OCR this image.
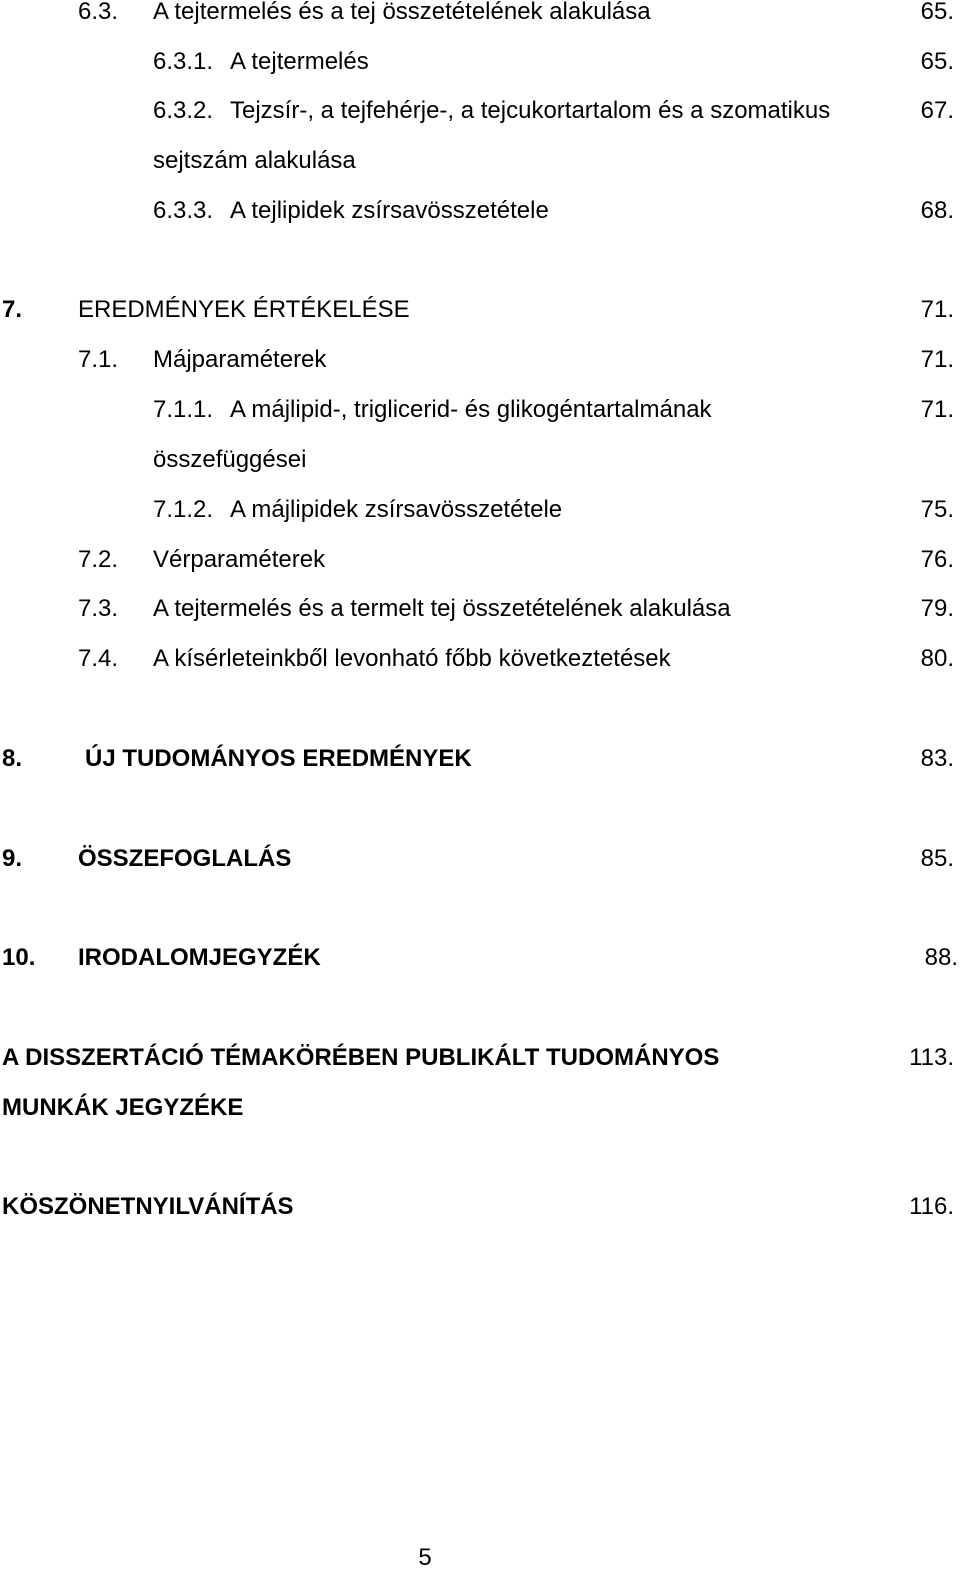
6.3. A tejtermelés és a tej összetételének alakulása	65.
6.3.1. A tejtermelés	65.
6.3.2. Tejzsír-, a tejfehérje-, a tejcukortartalom és a szomatikus	67.
sejtszám alakulása
6.3.3. A tejlipidek zsírsavösszetétele	68.
7. EREDMÉNYEK ÉRTÉKELÉSE	71.
7.1. Májparaméterek	71.
7.1.1. A májlipid-, triglicerid- és glikogéntartalmának	71.
összefüggései
7.1.2. A májlipidek zsírsavösszetétele	75.
7.2. Vérparaméterek	76.
7.3. A tejtermelés és a termelt tej összetételének alakulása	79.
7.4. A kísérleteinkből levonható főbb következtetések	80.
8.	ÚJ TUDOMÁNYOS EREDMÉNYEK	83.
9. ÖSSZEFOGLALÁS	85.
10. IRODALOMJEGYZÉK	88.
A DISSZERTÁCIÓ TÉMAKÖRÉBEN PUBLIKÁLT TUDOMÁNYOS	113.
MUNKÁK JEGYZÉKE
KÖSZÖNETNYILVÁNÍTÁS	116.
5
